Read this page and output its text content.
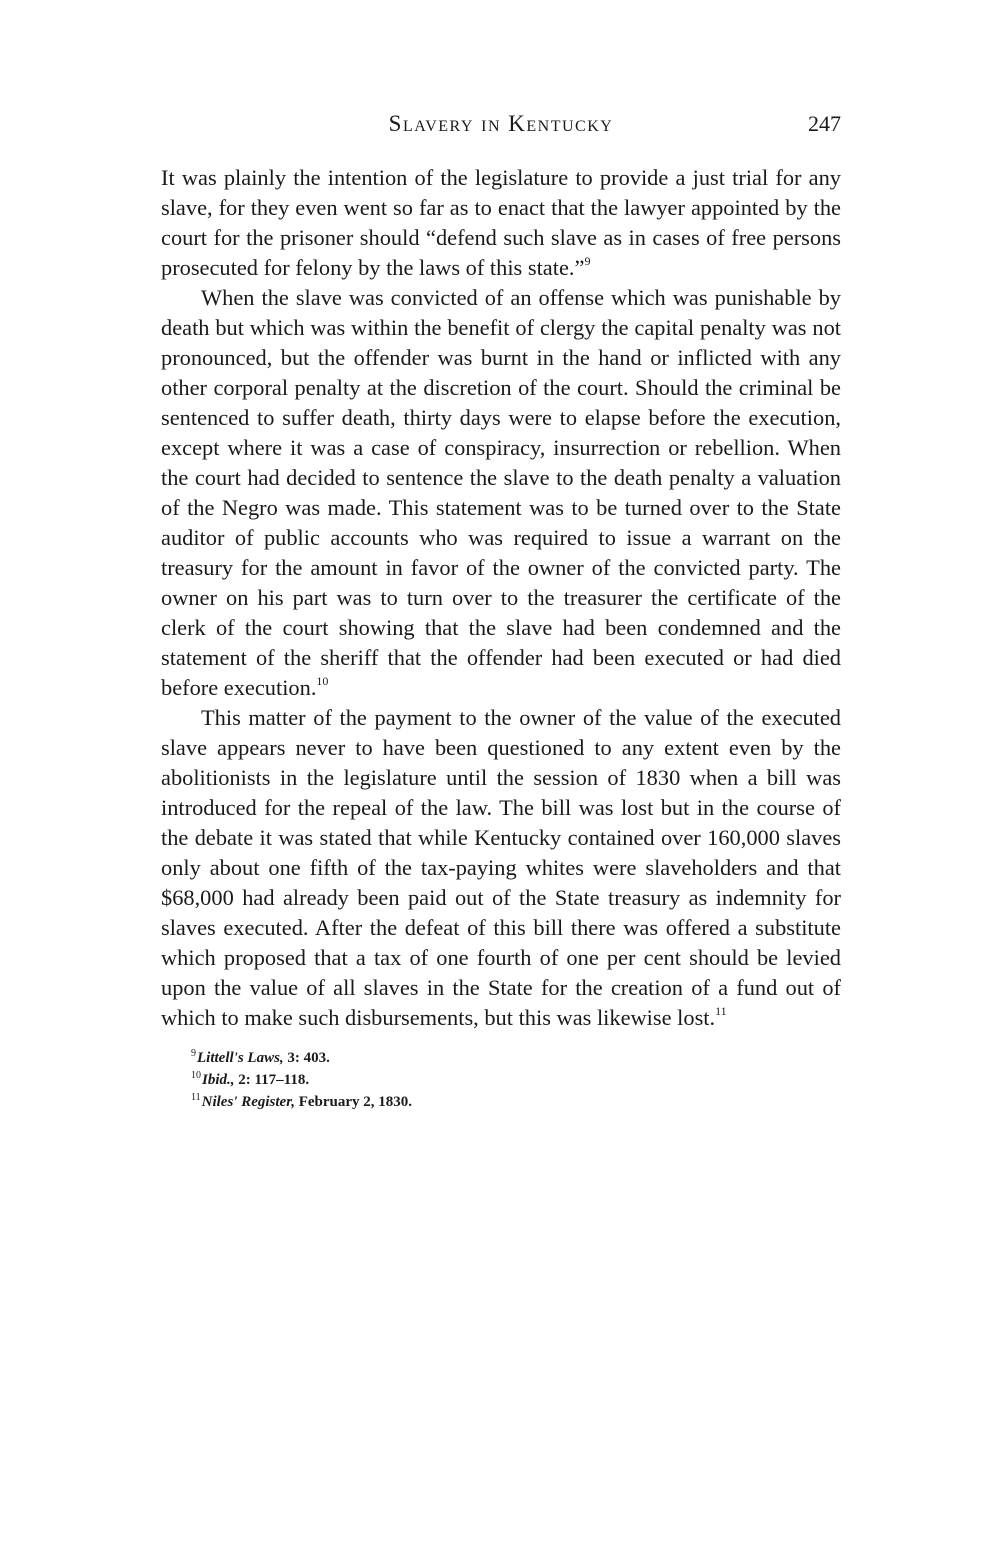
Slavery in Kentucky	247

It was plainly the intention of the legislature to provide a just trial for any slave, for they even went so far as to enact that the lawyer appointed by the court for the prisoner should “defend such slave as in cases of free persons prosecuted for felony by the laws of this state.”$^9$

When the slave was convicted of an offense which was punishable by death but which was within the benefit of clergy the capital penalty was not pronounced, but the offender was burnt in the hand or inflicted with any other corporal penalty at the discretion of the court. Should the criminal be sentenced to suffer death, thirty days were to elapse before the execution, except where it was a case of conspiracy, insurrection or rebellion. When the court had decided to sentence the slave to the death penalty a valuation of the Negro was made. This statement was to be turned over to the State auditor of public accounts who was required to issue a warrant on the treasury for the amount in favor of the owner of the convicted party. The owner on his part was to turn over to the treasurer the certificate of the clerk of the court showing that the slave had been condemned and the statement of the sheriff that the offender had been executed or had died before execution.$^{10}$

This matter of the payment to the owner of the value of the executed slave appears never to have been questioned to any extent even by the abolitionists in the legislature until the session of 1830 when a bill was introduced for the repeal of the law. The bill was lost but in the course of the debate it was stated that while Kentucky contained over 160,000 slaves only about one fifth of the tax-paying whites were slaveholders and that $68,000 had already been paid out of the State treasury as indemnity for slaves executed. After the defeat of this bill there was offered a substitute which proposed that a tax of one fourth of one per cent should be levied upon the value of all slaves in the State for the creation of a fund out of which to make such disbursements, but this was likewise lost.$^{11}$

$^9$Littell's Laws, 3: 403.
$^{10}$Ibid., 2: 117–118.
$^{11}$Niles' Register, February 2, 1830.
